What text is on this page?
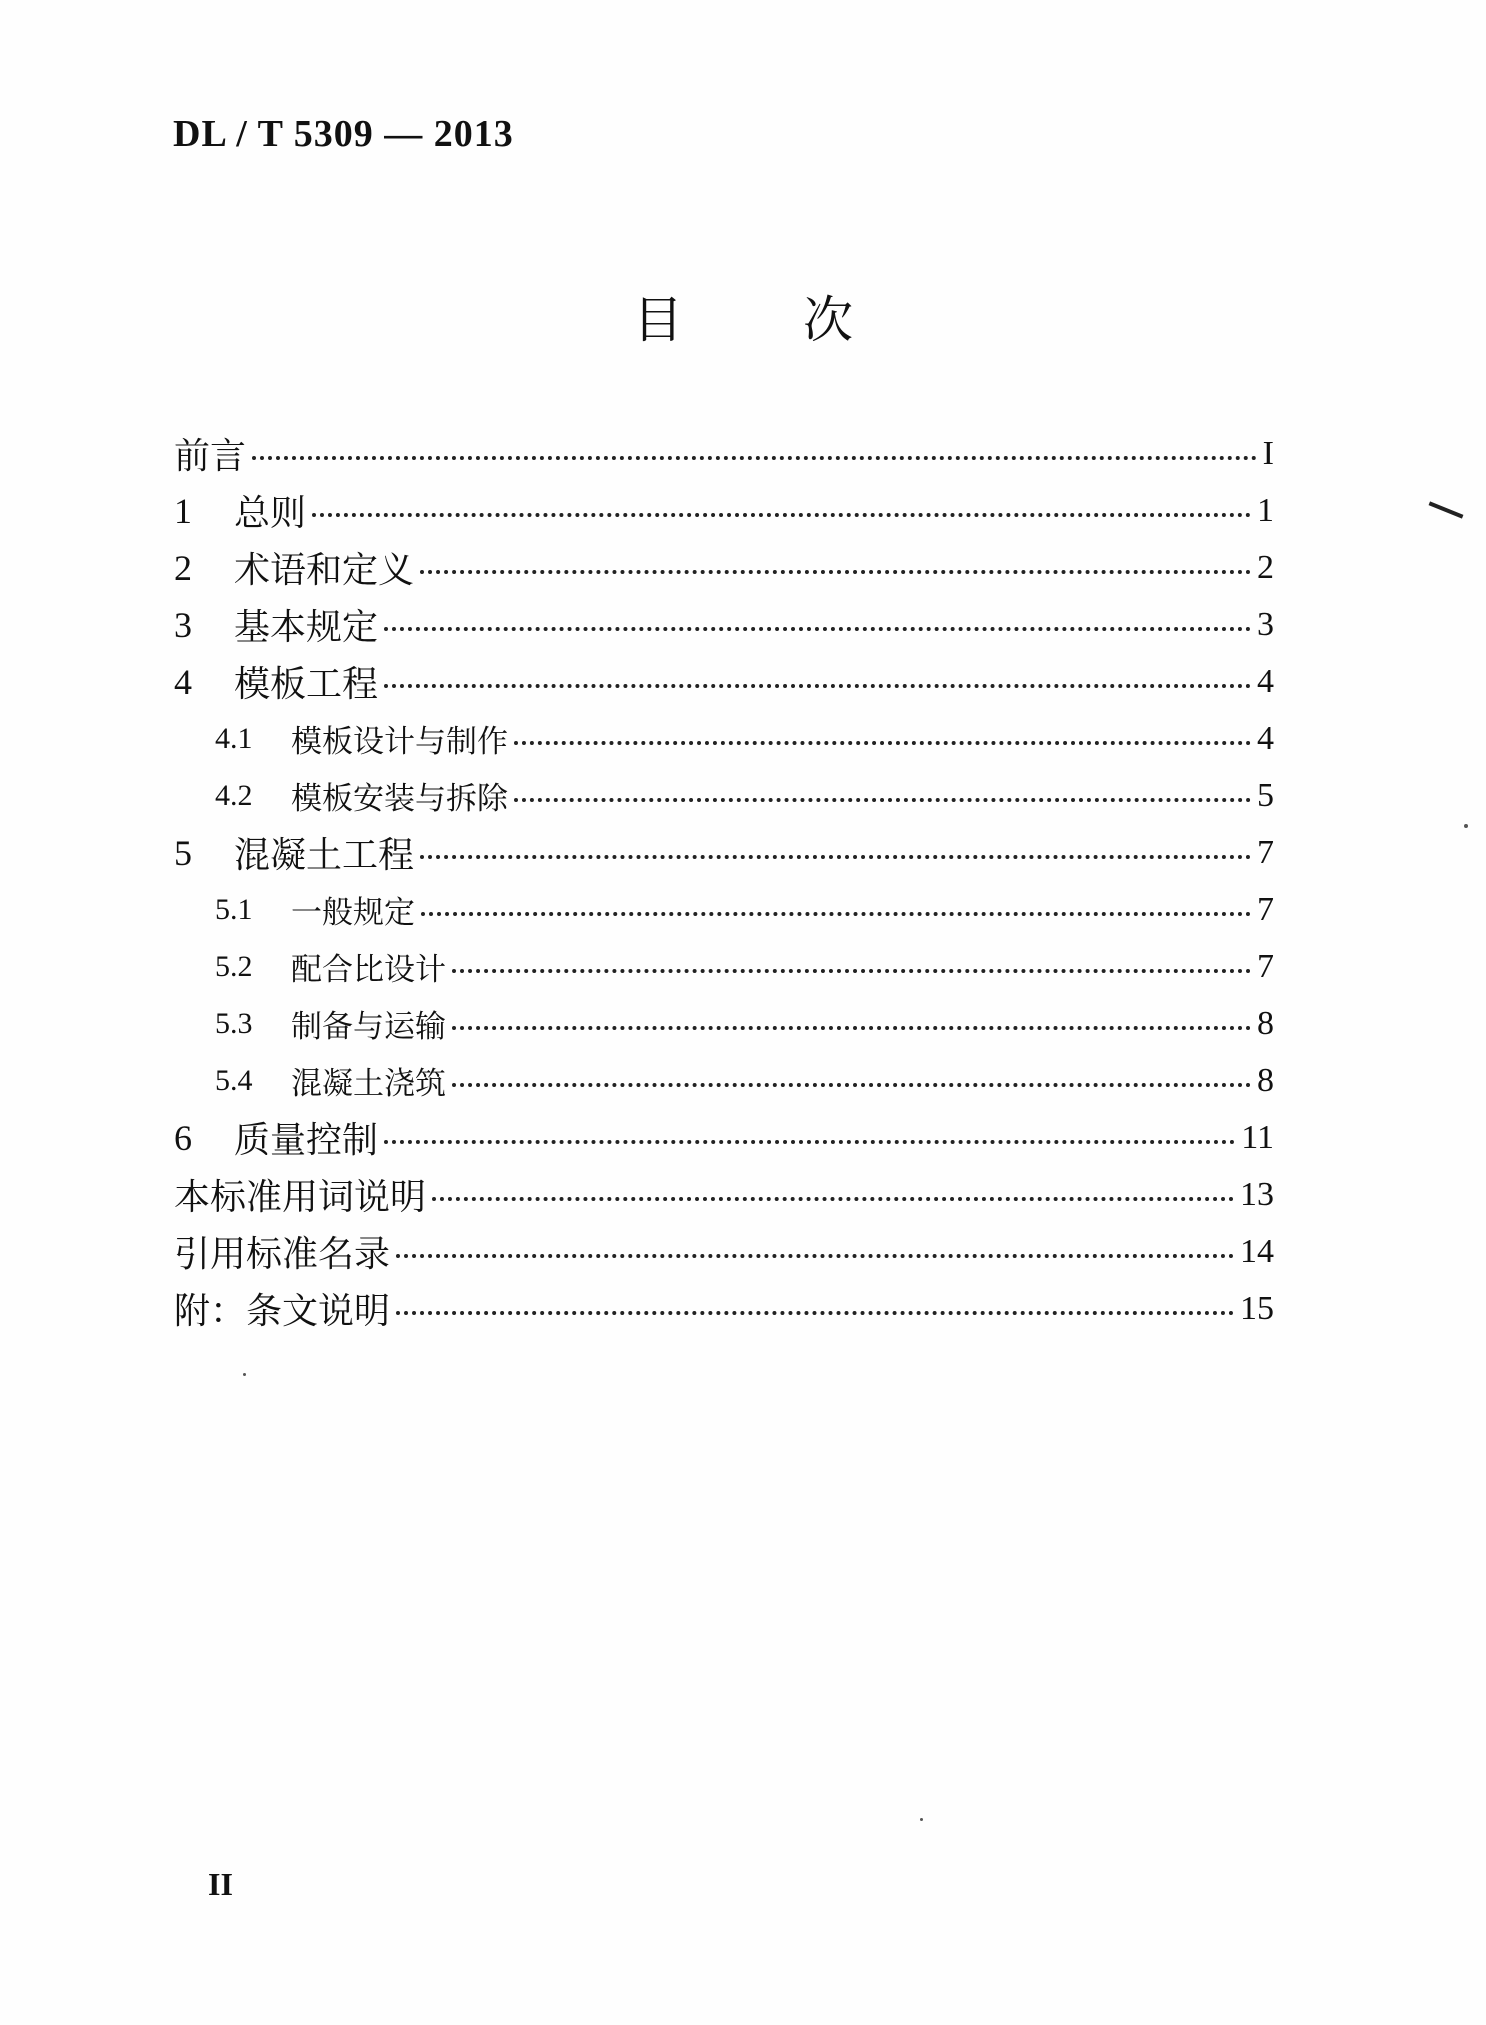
DL / T 5309 — 2013
目次
前言	I
1	总则	1
2	术语和定义	2
3	基本规定	3
4	模板工程	4
4.1	模板设计与制作	4
4.2	模板安装与拆除	5
5	混凝土工程	7
5.1	一般规定	7
5.2	配合比设计	7
5.3	制备与运输	8
5.4	混凝土浇筑	8
6	质量控制	11
本标准用词说明	13
引用标准名录	14
附：条文说明	15
II
